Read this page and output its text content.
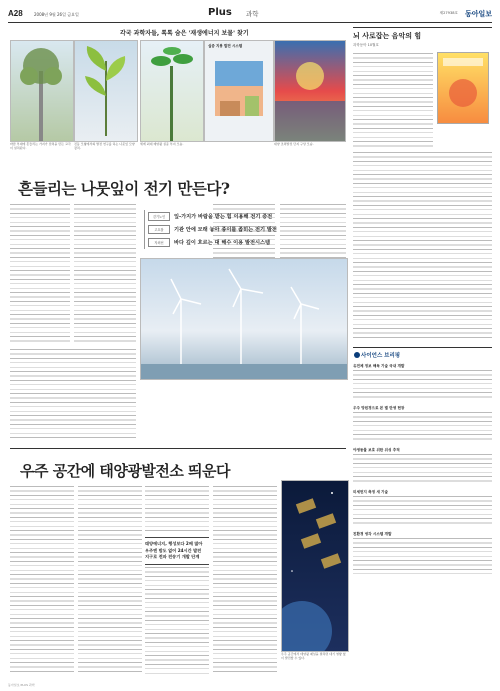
A28	2008년 9월 26일 금요일	Plus 과학	제27938호 동아일보
각국 과학자들, 톡톡 숨은 '재생에너지 보물' 찾기
실증 지붕 발전 시스템
바람 부대에 흔들리는 가지가 전력을 만든 교각이 설치된다.
진동 모형에서의 발전 연구를 하는 나뭇잎 모양 장치.
세계 최대 태양광 실증 부지 모습.	대양 조력발전 단지 구상 모습.
흔들리는 나뭇잎이 전기 만든다?
걷기노인	잎-가지가 바람을 받는 힘 이용해 전기 증전
고흐볼	기관 안에 모래 놓아 종이를 좁히는 전기 발전
자외선	바다 깊이 흐르는 대 해수 이용 발전시스템
뇌 사로잡는 음악의 힘
과학동아 10월호
사이언스 브리핑
유전체 정보 해독 기술 국내 개발
우주 망원경으로 본 별 탄생 현장
야생동물 보호 위한 위성 추적
미세먼지 측정 새 기술
친환경 냉각 시스템 개발
우주 공간에 태양광발전소 띄운다
태양에너지, 행성보다 2배 많아
우주엔 밤도 없어 24시간 발전
지구로 전파 전송기 개발 단계
우주 공간에서 태양광 패널을 펼치면 대기 영향 없이 발전할 수 있다.
동아일보 PLUS 과학
